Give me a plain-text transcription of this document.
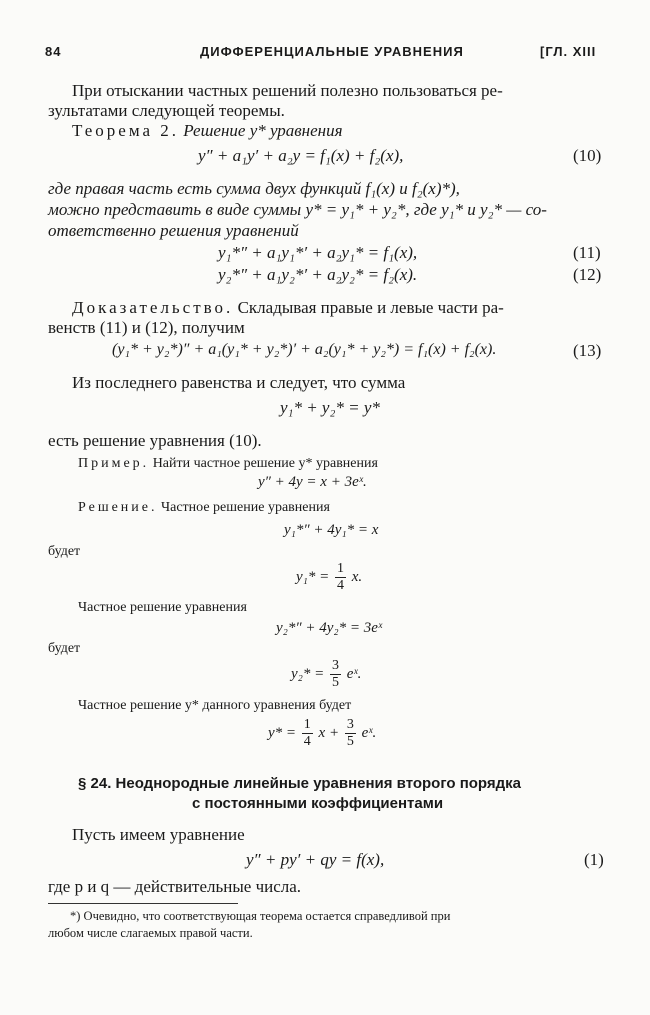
84	ДИФФЕРЕНЦИАЛЬНЫЕ УРАВНЕНИЯ	[ГЛ. XIII
При отыскании частных решений полезно пользоваться ре-
зультатами следующей теоремы.
Теорема 2. Решение y* уравнения
y″ + a₁y′ + a₂y = f₁(x) + f₂(x),	(10)
где правая часть есть сумма двух функций f₁(x) и f₂(x)*),
можно представить в виде суммы y* = y₁* + y₂*, где y₁* и y₂* — со-
ответственно решения уравнений
y₁*″ + a₁y₁*′ + a₂y₁* = f₁(x),	(11)
y₂*″ + a₁y₂*′ + a₂y₂* = f₂(x).	(12)
Доказательство. Складывая правые и левые части ра-
венств (11) и (12), получим
(y₁* + y₂*)″ + a₁(y₁* + y₂*)′ + a₂(y₁* + y₂*) = f₁(x) + f₂(x).	(13)
Из последнего равенства и следует, что сумма
y₁* + y₂* = y*
есть решение уравнения (10).
Пример. Найти частное решение y* уравнения
y″ + 4y = x + 3eˣ.
Решение. Частное решение уравнения
y₁*″ + 4y₁* = x
будет
$y_1* = \frac{1}{4} x$.
Частное решение уравнения
y₂*″ + 4y₂* = 3eˣ
будет
$y_2* = \frac{3}{5}$ eˣ.
Частное решение y* данного уравнения будет
$y* = \frac{1}{4}$ $x + \frac{3}{5}$ eˣ.
§ 24. Неоднородные линейные уравнения второго порядка
с постоянными коэффициентами
Пусть имеем уравнение
y″ + py′ + qy = f(x),	(1)
где p и q — действительные числа.
*) Очевидно, что соответствующая теорема остается справедливой при
любом числе слагаемых правой части.
